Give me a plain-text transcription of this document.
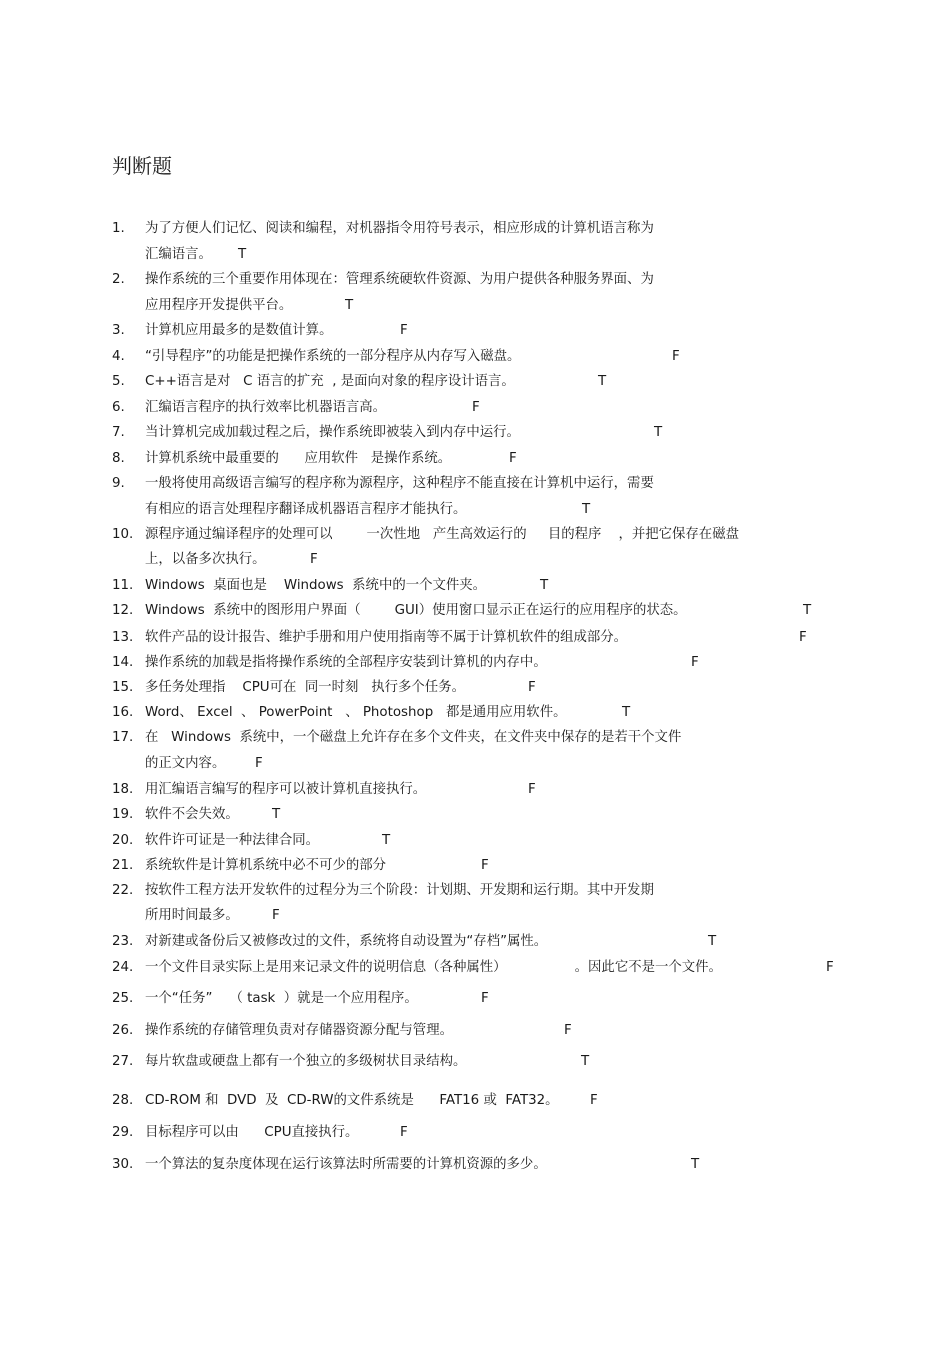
判断题
1. 为了方便人们记忆、阅读和编程，对机器指令用符号表示，相应形成的计算机语言称为
汇编语言。 T
2. 操作系统的三个重要作用体现在：管理系统硬软件资源、为用户提供各种服务界面、为
应用程序开发提供平台。	T
3. 计算机应用最多的是数值计算。	F
4. “引导程序”的功能是把操作系统的一部分程序从内存写入磁盘。	F
5. C++语言是对   C 语言的扩充  , 是面向对象的程序设计语言。	T
6. 汇编语言程序的执行效率比机器语言高。	F
7. 当计算机完成加载过程之后，操作系统即被装入到内存中运行。	T
8. 计算机系统中最重要的      应用软件   是操作系统。	F
9. 一般将使用高级语言编写的程序称为源程序，这种程序不能直接在计算机中运行，需要
有相应的语言处理程序翻译成机器语言程序才能执行。	T
10. 源程序通过编译程序的处理可以        一次性地   产生高效运行的     目的程序    ，并把它保存在磁盘
上，以备多次执行。	F
11. Windows  桌面也是    Windows  系统中的一个文件夹。	T
12. Windows  系统中的图形用户界面（        GUI）使用窗口显示正在运行的应用程序的状态。	T
13. 软件产品的设计报告、维护手册和用户使用指南等不属于计算机软件的组成部分。	F
14. 操作系统的加载是指将操作系统的全部程序安装到计算机的内存中。	F
15. 多任务处理指    CPU可在  同一时刻   执行多个任务。	F
16. Word、 Excel  、 PowerPoint   、 Photoshop   都是通用应用软件。	T
17. 在   Windows  系统中，一个磁盘上允许存在多个文件夹，在文件夹中保存的是若干个文件
的正文内容。 F
18. 用汇编语言编写的程序可以被计算机直接执行。	F
19. 软件不会失效。 T
20. 软件许可证是一种法律合同。	T
21. 系统软件是计算机系统中必不可少的部分	F
22. 按软件工程方法开发软件的过程分为三个阶段：计划期、开发期和运行期。其中开发期
所用时间最多。 F
23. 对新建或备份后又被修改过的文件，系统将自动设置为“存档”属性。	T
24. 一个文件目录实际上是用来记录文件的说明信息（各种属性）                。因此它不是一个文件。	F
25. 一个“任务”    （ task  ）就是一个应用程序。	F
26. 操作系统的存储管理负责对存储器资源分配与管理。	F
27. 每片软盘或硬盘上都有一个独立的多级树状目录结构。	T
28. CD-ROM 和  DVD  及  CD-RW的文件系统是      FAT16 或  FAT32。 F
29. 目标程序可以由      CPU直接执行。	F
30. 一个算法的复杂度体现在运行该算法时所需要的计算机资源的多少。	T
